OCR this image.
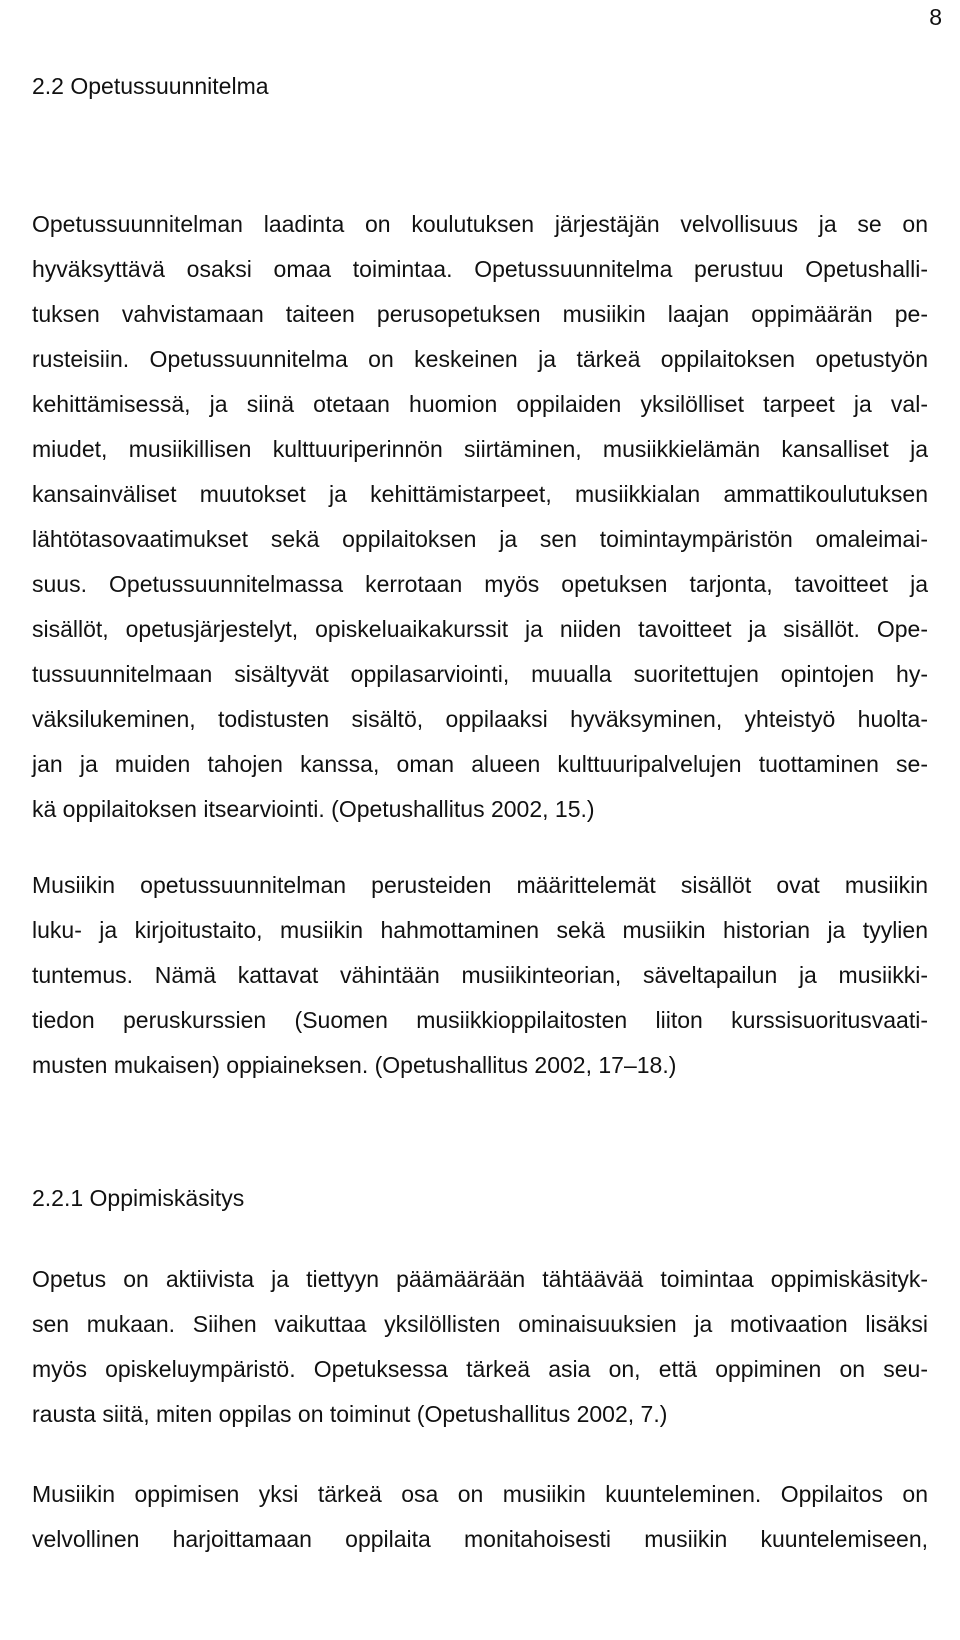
8
2.2 Opetussuunnitelma
Opetussuunnitelman laadinta on koulutuksen järjestäjän velvollisuus ja se on
hyväksyttävä osaksi omaa toimintaa. Opetussuunnitelma perustuu Opetushalli-
tuksen vahvistamaan taiteen perusopetuksen musiikin laajan oppimäärän pe-
rusteisiin. Opetussuunnitelma on keskeinen ja tärkeä oppilaitoksen opetustyön
kehittämisessä, ja siinä otetaan huomion oppilaiden yksilölliset tarpeet ja val-
miudet, musiikillisen kulttuuriperinnön siirtäminen, musiikkielämän kansalliset ja
kansainväliset muutokset ja kehittämistarpeet, musiikkialan ammattikoulutuksen
lähtötasovaatimukset sekä oppilaitoksen ja sen toimintaympäristön omaleimai-
suus. Opetussuunnitelmassa kerrotaan myös opetuksen tarjonta, tavoitteet ja
sisällöt, opetusjärjestelyt, opiskeluaikakurssit ja niiden tavoitteet ja sisällöt. Ope-
tussuunnitelmaan sisältyvät oppilasarviointi, muualla suoritettujen opintojen hy-
väksilukeminen, todistusten sisältö, oppilaaksi hyväksyminen, yhteistyö huolta-
jan ja muiden tahojen kanssa, oman alueen kulttuuripalvelujen tuottaminen se-
kä oppilaitoksen itsearviointi. (Opetushallitus 2002, 15.)
Musiikin opetussuunnitelman perusteiden määrittelemät sisällöt ovat musiikin
luku- ja kirjoitustaito, musiikin hahmottaminen sekä musiikin historian ja tyylien
tuntemus. Nämä kattavat vähintään musiikinteorian, säveltapailun ja musiikki-
tiedon peruskurssien (Suomen musiikkioppilaitosten liiton kurssisuoritusvaati-
musten mukaisen) oppiaineksen. (Opetushallitus 2002, 17–18.)
2.2.1 Oppimiskäsitys
Opetus on aktiivista ja tiettyyn päämäärään tähtäävää toimintaa oppimiskäsityk-
sen mukaan. Siihen vaikuttaa yksilöllisten ominaisuuksien ja motivaation lisäksi
myös opiskeluympäristö. Opetuksessa tärkeä asia on, että oppiminen on seu-
rausta siitä, miten oppilas on toiminut (Opetushallitus 2002, 7.)
Musiikin oppimisen yksi tärkeä osa on musiikin kuunteleminen. Oppilaitos on
velvollinen harjoittamaan oppilaita monitahoisesti musiikin kuuntelemiseen,
